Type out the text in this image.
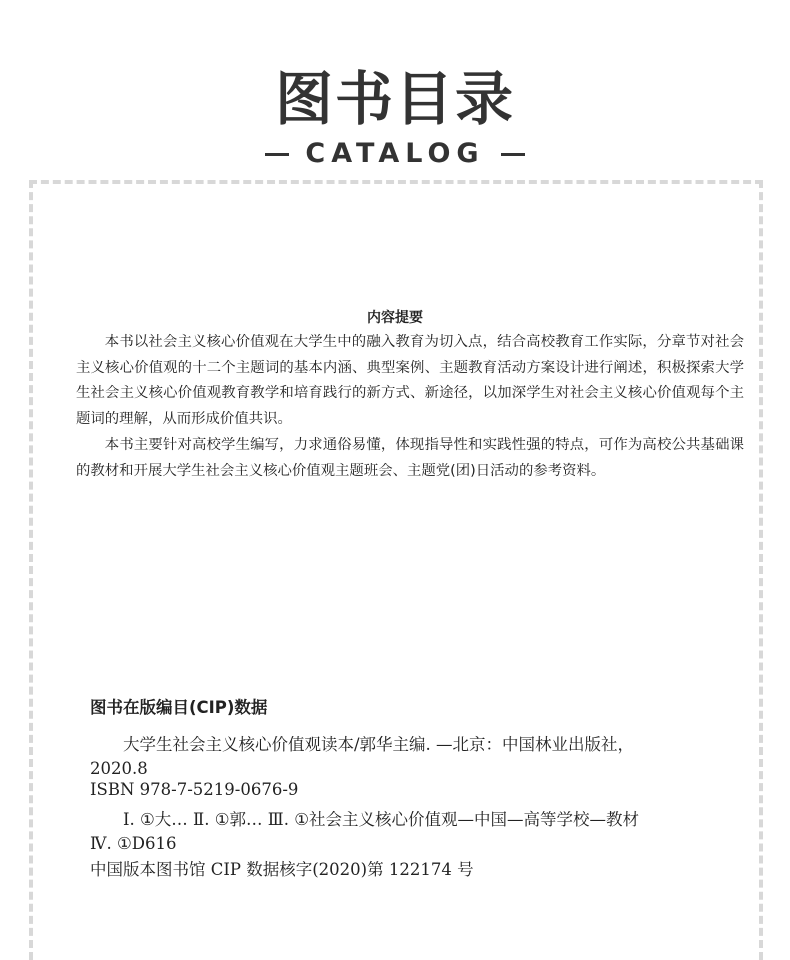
图书目录
CATALOG
内容提要

本书以社会主义核心价值观在大学生中的融入教育为切入点，结合高校教育工作实际，分章节对社会主义核心价值观的十二个主题词的基本内涵、典型案例、主题教育活动方案设计进行阐述，积极探索大学生社会主义核心价值观教育教学和培育践行的新方式、新途径，以加深学生对社会主义核心价值观每个主题词的理解，从而形成价值共识。

本书主要针对高校学生编写，力求通俗易懂，体现指导性和实践性强的特点，可作为高校公共基础课的教材和开展大学生社会主义核心价值观主题班会、主题党(团)日活动的参考资料。

图书在版编目(CIP)数据

大学生社会主义核心价值观读本/郭华主编. —北京：中国林业出版社，2020.8

ISBN 978-7-5219-0676-9

Ⅰ. ①大… Ⅱ. ①郭… Ⅲ. ①社会主义核心价值观—中国—高等学校—教材 Ⅳ. ①D616

中国版本图书馆 CIP 数据核字(2020)第 122174 号
